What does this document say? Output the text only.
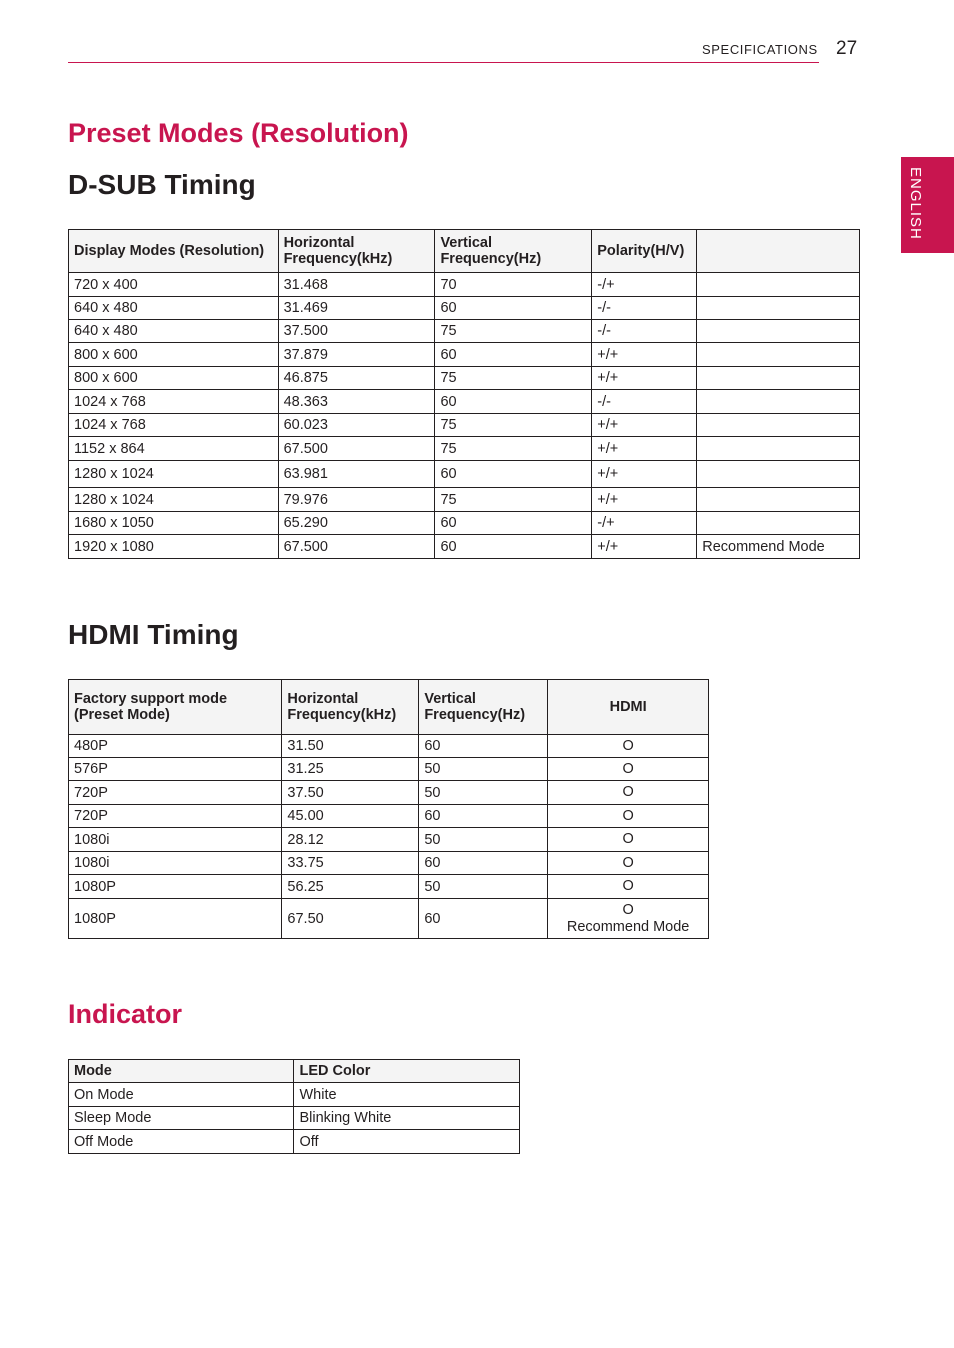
SPECIFICATIONS 27
ENGLISH
Preset Modes (Resolution)
D-SUB Timing
Display Modes (Resolution)	Horizontal Frequency(kHz)	Vertical Frequency(Hz)	Polarity(H/V)	
720 x 400	31.468	70	-/+	
640 x 480	31.469	60	-/-	
640 x 480	37.500	75	-/-	
800 x 600	37.879	60	+/+	
800 x 600	46.875	75	+/+	
1024 x 768	48.363	60	-/-	
1024 x 768	60.023	75	+/+	
1152 x 864	67.500	75	+/+	
1280 x 1024	63.981	60	+/+	
1280 x 1024	79.976	75	+/+	
1680 x 1050	65.290	60	-/+	
1920 x 1080	67.500	60	+/+	Recommend Mode
HDMI Timing
Factory support mode (Preset Mode)	Horizontal Frequency(kHz)	Vertical Frequency(Hz)	HDMI
480P	31.50	60	O

576P	31.25	50	O

720P	37.50	50	O

720P	45.00	60	O

1080i	28.12	50	O

1080i	33.75	60	O

1080P	56.25	50	O

1080P	67.50	60	O
Recommend Mode
Indicator
Mode	LED Color
On Mode	White
Sleep Mode	Blinking White
Off Mode	Off
